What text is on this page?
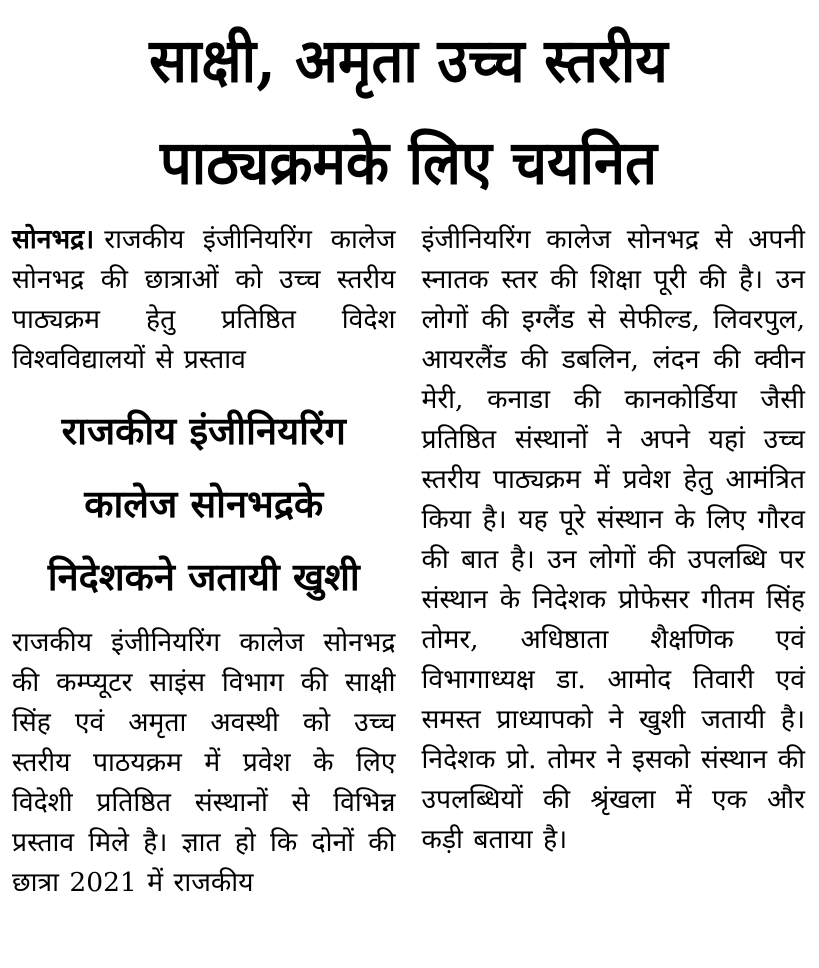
साक्षी, अमृता उच्च स्तरीय
पाठ्यक्रमके लिए चयनित

सोनभद्र। राजकीय इंजीनियरिंग कालेज सोनभद्र की छात्राओं को उच्च स्तरीय पाठ्यक्रम हेतु प्रतिष्ठित विदेश विश्वविद्यालयों से प्रस्ताव

राजकीय इंजीनियरिंग
कालेज सोनभद्रके
निदेशकने जतायी खुशी

राजकीय इंजीनियरिंग कालेज सोनभद्र की कम्प्यूटर साइंस विभाग की साक्षी सिंह एवं अमृता अवस्थी को उच्च स्तरीय पाठयक्रम में प्रवेश के लिए विदेशी प्रतिष्ठित संस्थानों से विभिन्न प्रस्ताव मिले है। ज्ञात हो कि दोनों की छात्रा 2021 में राजकीय

इंजीनियरिंग कालेज सोनभद्र से अपनी स्नातक स्तर की शिक्षा पूरी की है। उन लोगों की इग्लैंड से सेफील्ड, लिवरपुल, आयरलैंड की डबलिन, लंदन की क्वीन मेरी, कनाडा की कानकोर्डिया जैसी प्रतिष्ठित संस्थानों ने अपने यहां उच्च स्तरीय पाठ्यक्रम में प्रवेश हेतु आमंत्रित किया है। यह पूरे संस्थान के लिए गौरव की बात है। उन लोगों की उपलब्धि पर संस्थान के निदेशक प्रोफेसर गीतम सिंह तोमर, अधिष्ठाता शैक्षणिक एवं विभागाध्यक्ष डा. आमोद तिवारी एवं समस्त प्राध्यापको ने खुशी जतायी है। निदेशक प्रो. तोमर ने इसको संस्थान की उपलब्धियों की श्रृंखला में एक और कड़ी बताया है।
